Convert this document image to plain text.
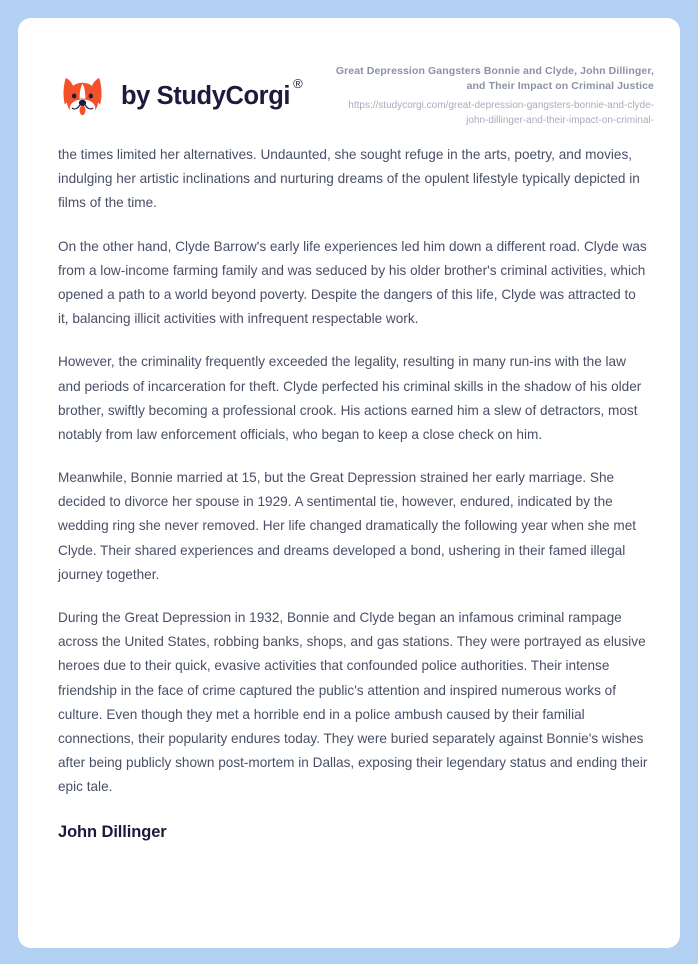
by StudyCorgi ®
Great Depression Gangsters Bonnie and Clyde, John Dillinger, and Their Impact on Criminal Justice
https://studycorgi.com/great-depression-gangsters-bonnie-and-clyde-john-dillinger-and-their-impact-on-criminal-

the times limited her alternatives. Undaunted, she sought refuge in the arts, poetry, and movies, indulging her artistic inclinations and nurturing dreams of the opulent lifestyle typically depicted in films of the time.

On the other hand, Clyde Barrow's early life experiences led him down a different road. Clyde was from a low-income farming family and was seduced by his older brother's criminal activities, which opened a path to a world beyond poverty. Despite the dangers of this life, Clyde was attracted to it, balancing illicit activities with infrequent respectable work.

However, the criminality frequently exceeded the legality, resulting in many run-ins with the law and periods of incarceration for theft. Clyde perfected his criminal skills in the shadow of his older brother, swiftly becoming a professional crook. His actions earned him a slew of detractors, most notably from law enforcement officials, who began to keep a close check on him.

Meanwhile, Bonnie married at 15, but the Great Depression strained her early marriage. She decided to divorce her spouse in 1929. A sentimental tie, however, endured, indicated by the wedding ring she never removed. Her life changed dramatically the following year when she met Clyde. Their shared experiences and dreams developed a bond, ushering in their famed illegal journey together.

During the Great Depression in 1932, Bonnie and Clyde began an infamous criminal rampage across the United States, robbing banks, shops, and gas stations. They were portrayed as elusive heroes due to their quick, evasive activities that confounded police authorities. Their intense friendship in the face of crime captured the public's attention and inspired numerous works of culture. Even though they met a horrible end in a police ambush caused by their familial connections, their popularity endures today. They were buried separately against Bonnie's wishes after being publicly shown post-mortem in Dallas, exposing their legendary status and ending their epic tale.

John Dillinger
